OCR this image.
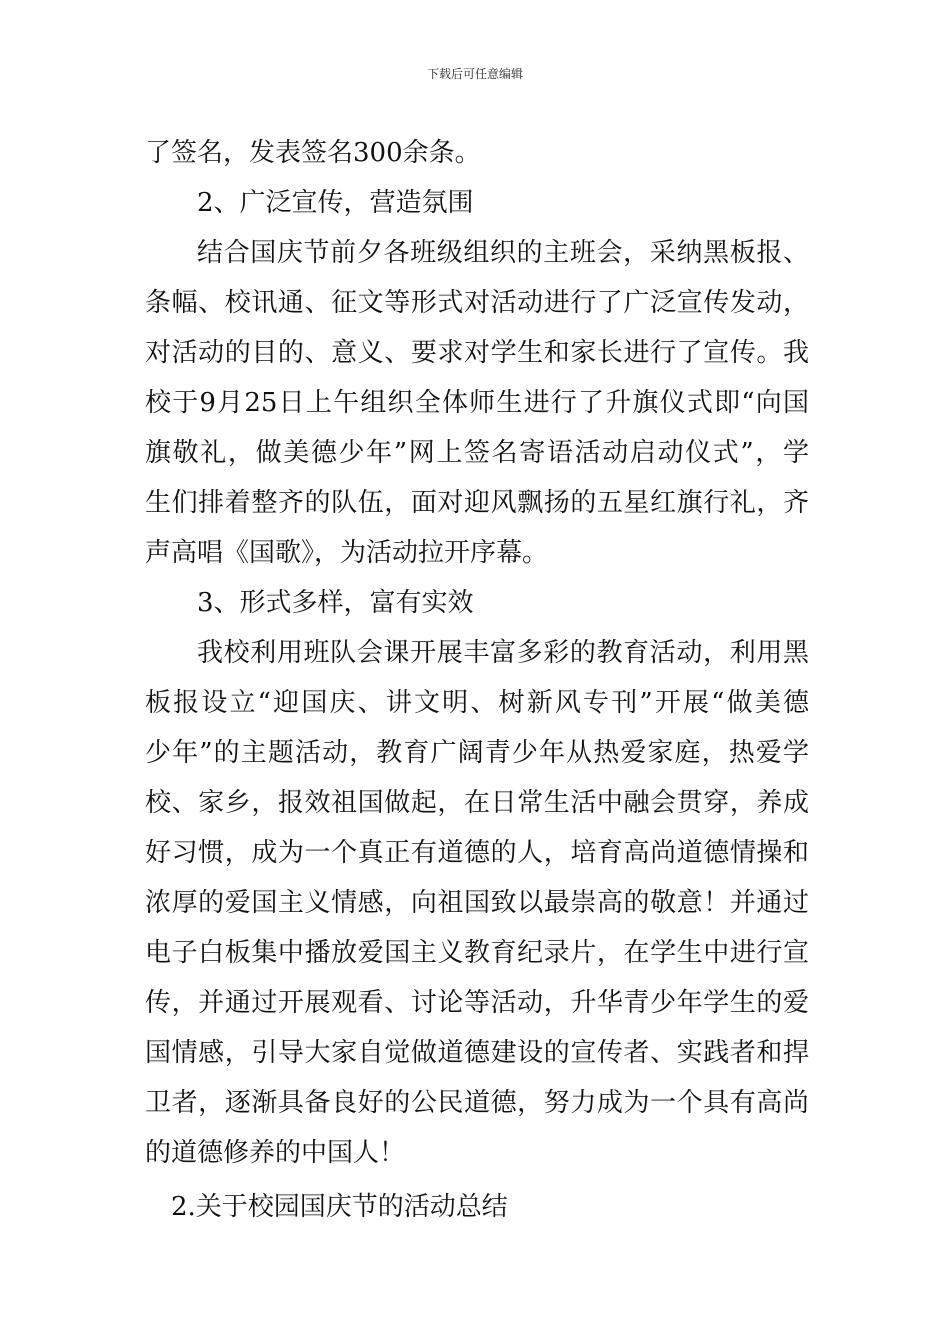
下载后可任意编辑
了签名，发表签名300余条。
2、广泛宣传，营造氛围
结合国庆节前夕各班级组织的主班会，采纳黑板报、
条幅、校讯通、征文等形式对活动进行了广泛宣传发动，
对活动的目的、意义、要求对学生和家长进行了宣传。我
校于9月25日上午组织全体师生进行了升旗仪式即“向国
旗敬礼，做美德少年”网上签名寄语活动启动仪式”，学
生们排着整齐的队伍，面对迎风飘扬的五星红旗行礼，齐
声高唱《国歌》，为活动拉开序幕。
3、形式多样，富有实效
我校利用班队会课开展丰富多彩的教育活动，利用黑
板报设立“迎国庆、讲文明、树新风专刊”开展“做美德
少年”的主题活动，教育广阔青少年从热爱家庭，热爱学
校、家乡，报效祖国做起，在日常生活中融会贯穿，养成
好习惯，成为一个真正有道德的人，培育高尚道德情操和
浓厚的爱国主义情感，向祖国致以最崇高的敬意！并通过
电子白板集中播放爱国主义教育纪录片，在学生中进行宣
传，并通过开展观看、讨论等活动，升华青少年学生的爱
国情感，引导大家自觉做道德建设的宣传者、实践者和捍
卫者，逐渐具备良好的公民道德，努力成为一个具有高尚
的道德修养的中国人！
2.关于校园国庆节的活动总结
